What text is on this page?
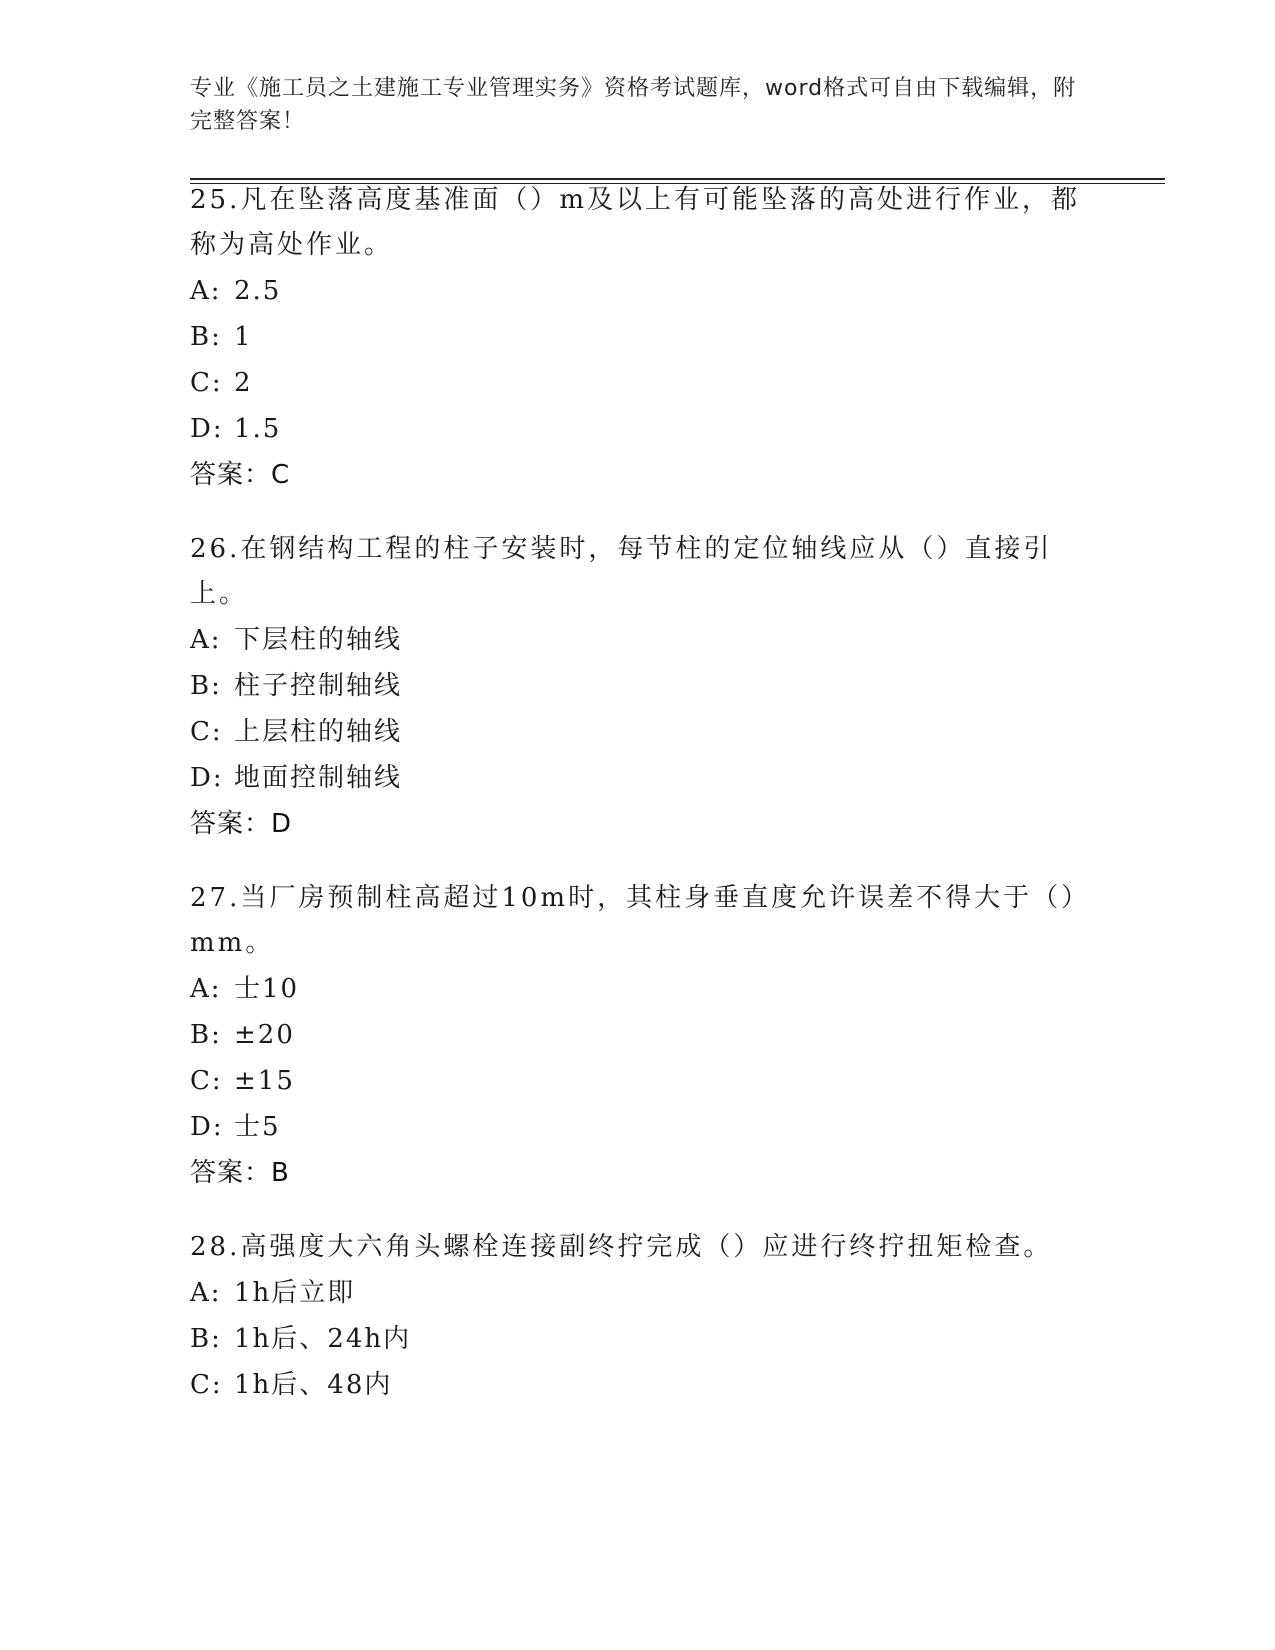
专业《施工员之土建施工专业管理实务》资格考试题库，word格式可自由下载编辑，附完整答案！

25.凡在坠落高度基准面（）m及以上有可能坠落的高处进行作业，都称为高处作业。

A: 2.5
B: 1
C: 2
D: 1.5
答案：C

26.在钢结构工程的柱子安装时，每节柱的定位轴线应从（）直接引上。

A: 下层柱的轴线
B: 柱子控制轴线
C: 上层柱的轴线
D: 地面控制轴线
答案：D

27.当厂房预制柱高超过10m时，其柱身垂直度允许误差不得大于（）mm。

A: 士10
B: ±20
C: ±15
D: 士5
答案：B

28.高强度大六角头螺栓连接副终拧完成（）应进行终拧扭矩检查。

A: 1h后立即
B: 1h后、24h内
C: 1h后、48内
